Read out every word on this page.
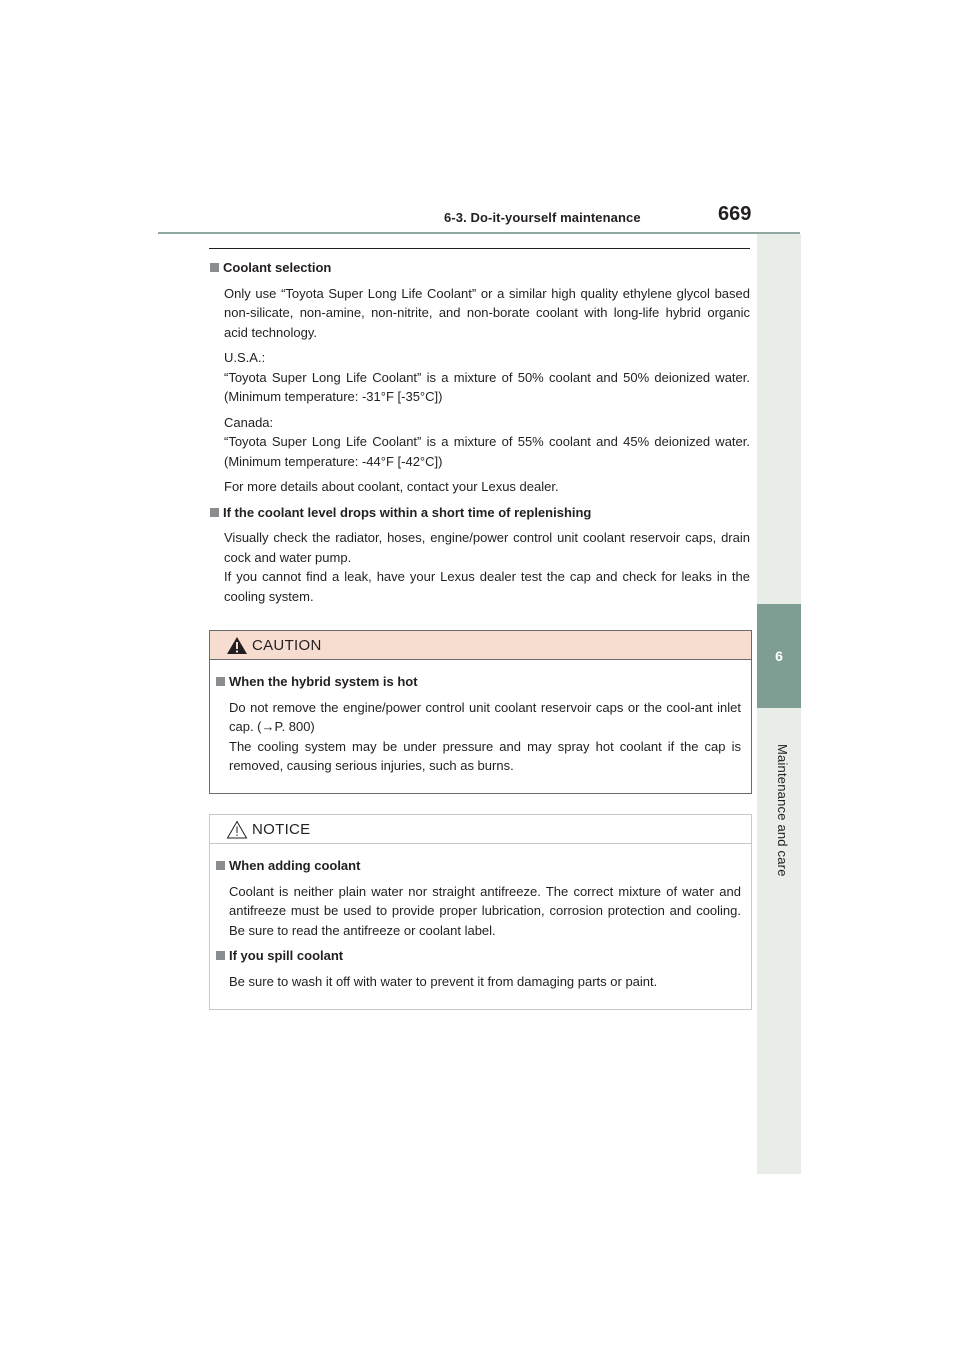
6-3. Do-it-yourself maintenance	669
6
Maintenance and care
Coolant selection

Only use “Toyota Super Long Life Coolant” or a similar high quality ethylene glycol based non-silicate, non-amine, non-nitrite, and non-borate coolant with long-life hybrid organic acid technology.

U.S.A.:

“Toyota Super Long Life Coolant” is a mixture of 50% coolant and 50% deionized water. (Minimum temperature: -31°F [-35°C])

Canada:

“Toyota Super Long Life Coolant” is a mixture of 55% coolant and 45% deionized water. (Minimum temperature: -44°F [-42°C])

For more details about coolant, contact your Lexus dealer.

If the coolant level drops within a short time of replenishing

Visually check the radiator, hoses, engine/power control unit coolant reservoir caps, drain cock and water pump.

If you cannot find a leak, have your Lexus dealer test the cap and check for leaks in the cooling system.

CAUTION
When the hybrid system is hot

Do not remove the engine/power control unit coolant reservoir caps or the cool-ant inlet cap. (→P. 800)

The cooling system may be under pressure and may spray hot coolant if the cap is removed, causing serious injuries, such as burns.

NOTICE
When adding coolant

Coolant is neither plain water nor straight antifreeze. The correct mixture of water and antifreeze must be used to provide proper lubrication, corrosion protection and cooling. Be sure to read the antifreeze or coolant label.

If you spill coolant

Be sure to wash it off with water to prevent it from damaging parts or paint.
